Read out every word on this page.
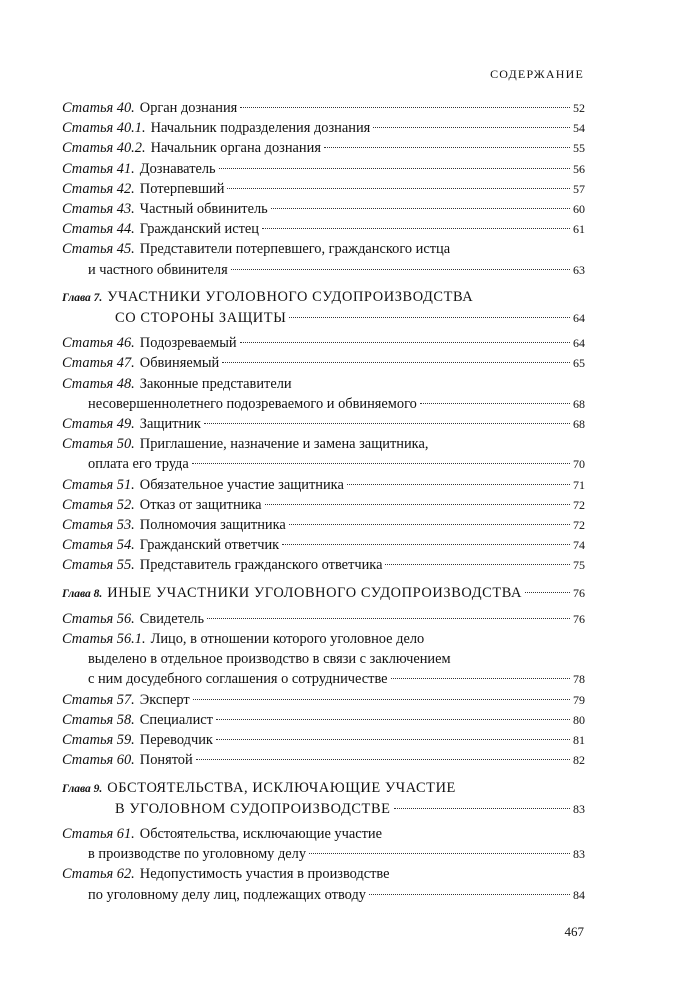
СОДЕРЖАНИЕ
Статья 40. Орган дознания	52
Статья 40.1. Начальник подразделения дознания	54
Статья 40.2. Начальник органа дознания	55
Статья 41. Дознаватель	56
Статья 42. Потерпевший	57
Статья 43. Частный обвинитель	60
Статья 44. Гражданский истец	61
Статья 45. Представители потерпевшего, гражданского истца
и частного обвинителя	63
Глава 7. УЧАСТНИКИ УГОЛОВНОГО СУДОПРОИЗВОДСТВА
СО СТОРОНЫ ЗАЩИТЫ	64
Статья 46. Подозреваемый	64
Статья 47. Обвиняемый	65
Статья 48. Законные представители
несовершеннолетнего подозреваемого и обвиняемого	68
Статья 49. Защитник	68
Статья 50. Приглашение, назначение и замена защитника,
оплата его труда	70
Статья 51. Обязательное участие защитника	71
Статья 52. Отказ от защитника	72
Статья 53. Полномочия защитника	72
Статья 54. Гражданский ответчик	74
Статья 55. Представитель гражданского ответчика	75
Глава 8. ИНЫЕ УЧАСТНИКИ УГОЛОВНОГО СУДОПРОИЗВОДСТВА	76
Статья 56. Свидетель	76
Статья 56.1. Лицо, в отношении которого уголовное дело
выделено в отдельное производство в связи с заключением
с ним досудебного соглашения о сотрудничестве	78
Статья 57. Эксперт	79
Статья 58. Специалист	80
Статья 59. Переводчик	81
Статья 60. Понятой	82
Глава 9. ОБСТОЯТЕЛЬСТВА, ИСКЛЮЧАЮЩИЕ УЧАСТИЕ
В УГОЛОВНОМ СУДОПРОИЗВОДСТВЕ	83
Статья 61. Обстоятельства, исключающие участие
в производстве по уголовному делу	83
Статья 62. Недопустимость участия в производстве
по уголовному делу лиц, подлежащих отводу	84
467
